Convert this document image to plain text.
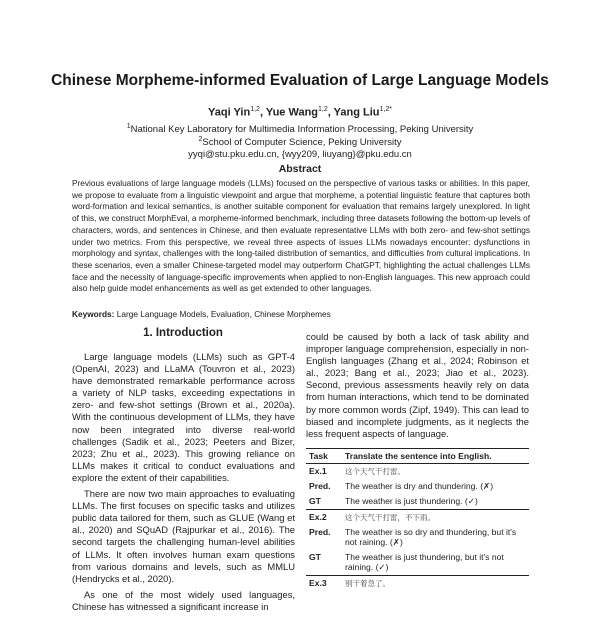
Chinese Morpheme-informed Evaluation of Large Language Models
Yaqi Yin$^{1,2}$, Yue Wang$^{1,2}$, Yang Liu$^{1,2*}$
$^1$National Key Laboratory for Multimedia Information Processing, Peking University
$^2$School of Computer Science, Peking University
yyqi@stu.pku.edu.cn, {wyy209, liuyang}@pku.edu.cn
Abstract
Previous evaluations of large language models (LLMs) focused on the perspective of various tasks or abilities. In this paper, we propose to evaluate from a linguistic viewpoint and argue that morpheme, a potential linguistic feature that captures both word-formation and lexical semantics, is another suitable component for evaluation that remains largely unexplored. In light of this, we construct MorphEval, a morpheme-informed benchmark, including three datasets following the bottom-up levels of characters, words, and sentences in Chinese, and then evaluate representative LLMs with both zero- and few-shot settings under two metrics. From this perspective, we reveal three aspects of issues LLMs nowadays encounter: dysfunctions in morphology and syntax, challenges with the long-tailed distribution of semantics, and difficulties from cultural implications. In these scenarios, even a smaller Chinese-targeted model may outperform ChatGPT, highlighting the actual challenges LLMs face and the necessity of language-specific improvements when applied to non-English languages. This new approach could also help guide model enhancements as well as get extended to other languages.
Keywords: Large Language Models, Evaluation, Chinese Morphemes
1. Introduction

Large language models (LLMs) such as GPT-4 (OpenAI, 2023) and LLaMA (Touvron et al., 2023) have demonstrated remarkable performance across a variety of NLP tasks, exceeding expectations in zero- and few-shot settings (Brown et al., 2020a). With the continuous development of LLMs, they have now been integrated into diverse real-world challenges (Sadik et al., 2023; Peeters and Bizer, 2023; Zhu et al., 2023). This growing reliance on LLMs makes it critical to conduct evaluations and explore the extent of their capabilities.

There are now two main approaches to evaluating LLMs. The first focuses on specific tasks and utilizes public data tailored for them, such as GLUE (Wang et al., 2020) and SQuAD (Rajpurkar et al., 2016). The second targets the challenging human-level abilities of LLMs. It often involves human exam questions from various domains and levels, such as MMLU (Hendrycks et al., 2020).

As one of the most widely used languages, Chinese has witnessed a significant increase in

could be caused by both a lack of task ability and improper language comprehension, especially in non-English languages (Zhang et al., 2024; Robinson et al., 2023; Bang et al., 2023; Jiao et al., 2023). Second, previous assessments heavily rely on data from human interactions, which tend to be dominated by more common words (Zipf, 1949). This can lead to biased and incomplete judgments, as it neglects the less frequent aspects of language.

Task	Translate the sentence into English.
Ex.1	这个天气干打雷。
Pred.	The weather is dry and thundering. (✗)
GT	The weather is just thundering. (✓)
Ex.2	这个天气干打雷，不下雨。
Pred.	The weather is so dry and thundering, but it's not raining. (✗)
GT	The weather is just thundering, but it's not raining. (✓)
Ex.3	别干着急了。
